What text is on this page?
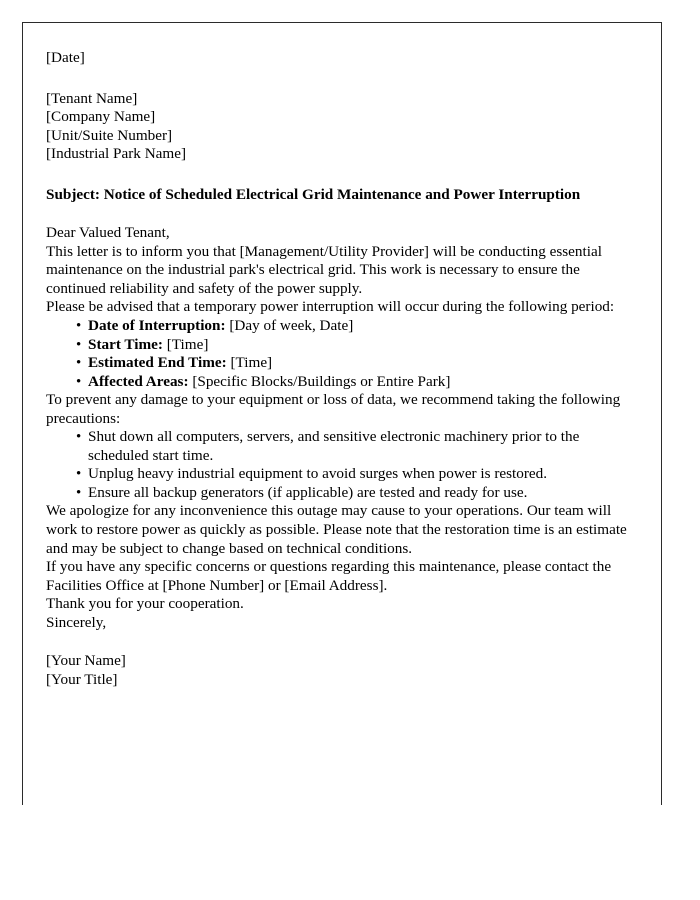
[Date]
[Tenant Name]
[Company Name]
[Unit/Suite Number]
[Industrial Park Name]
Subject: Notice of Scheduled Electrical Grid Maintenance and Power Interruption
Dear Valued Tenant,

This letter is to inform you that [Management/Utility Provider] will be conducting essential maintenance on the industrial park's electrical grid. This work is necessary to ensure the continued reliability and safety of the power supply.

Please be advised that a temporary power interruption will occur during the following period:

• Date of Interruption: [Day of week, Date]
• Start Time: [Time]
• Estimated End Time: [Time]
• Affected Areas: [Specific Blocks/Buildings or Entire Park]

To prevent any damage to your equipment or loss of data, we recommend taking the following precautions:

• Shut down all computers, servers, and sensitive electronic machinery prior to the scheduled start time.
• Unplug heavy industrial equipment to avoid surges when power is restored.
• Ensure all backup generators (if applicable) are tested and ready for use.

We apologize for any inconvenience this outage may cause to your operations. Our team will work to restore power as quickly as possible. Please note that the restoration time is an estimate and may be subject to change based on technical conditions.

If you have any specific concerns or questions regarding this maintenance, please contact the Facilities Office at [Phone Number] or [Email Address].

Thank you for your cooperation.

Sincerely,

[Your Name]
[Your Title]
